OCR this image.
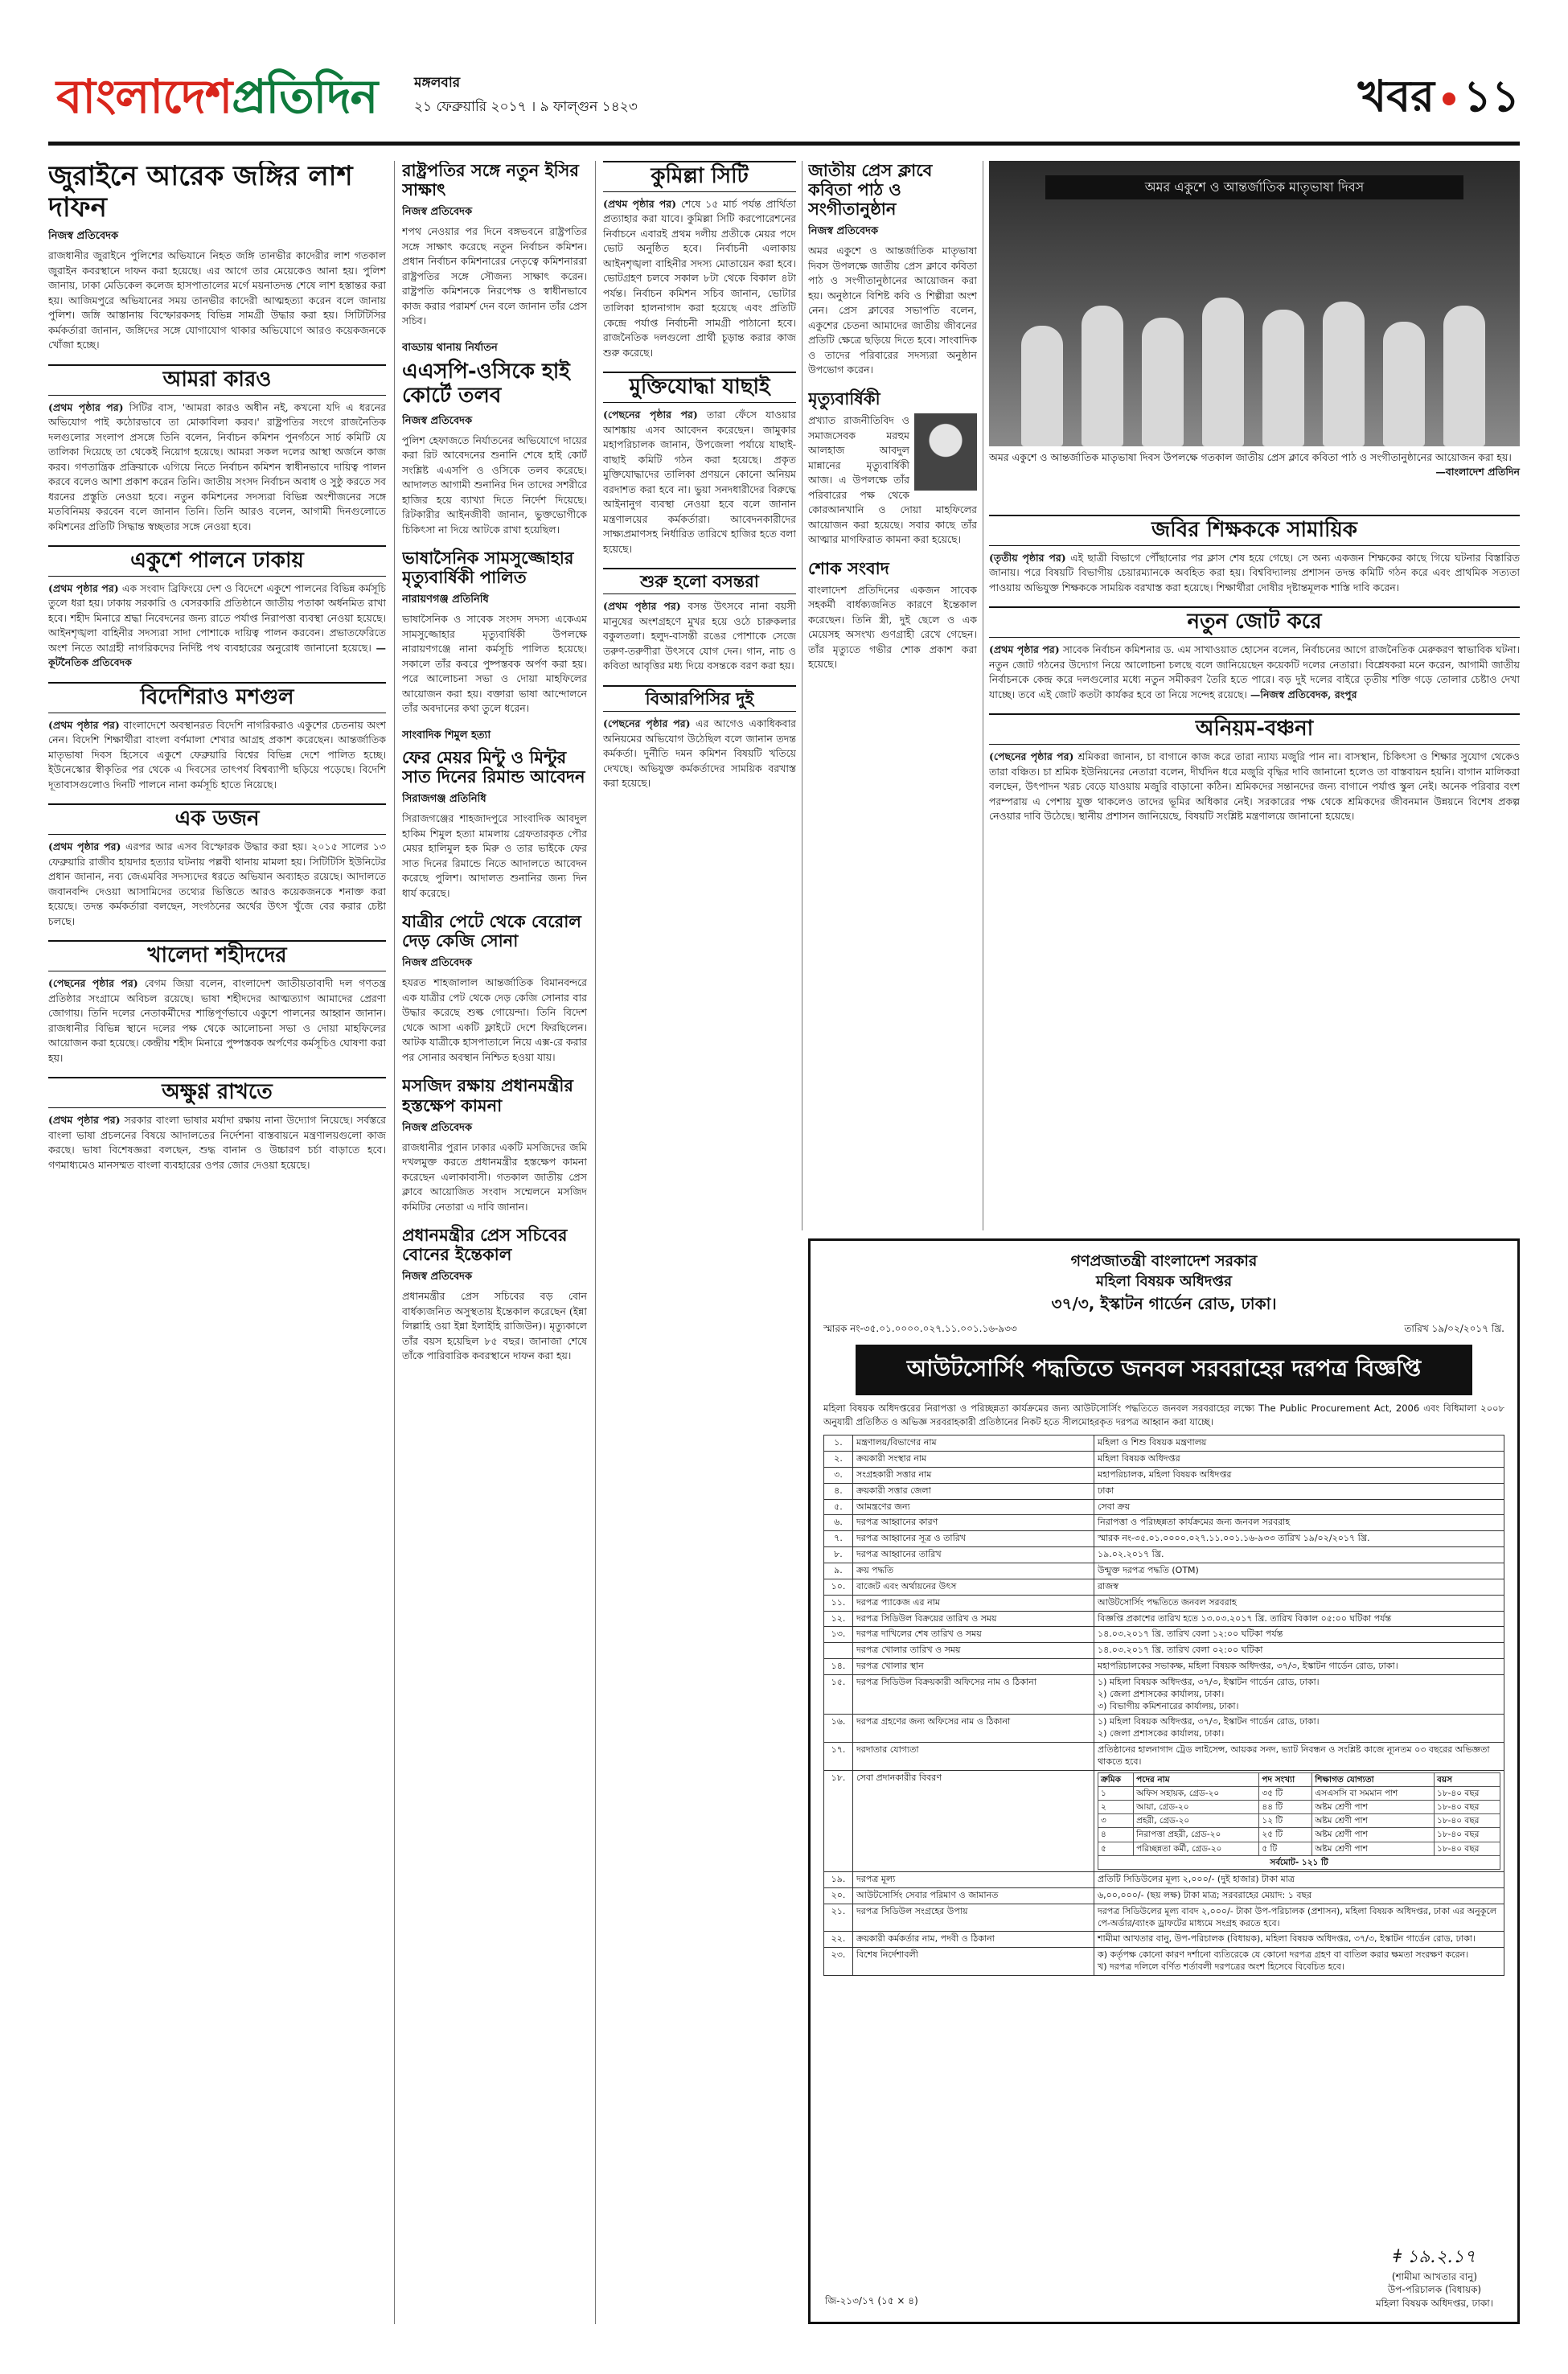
বাংলাদেশপ্রতিদিন	মঙ্গলবার
২১ ফেব্রুয়ারি ২০১৭ । ৯ ফাল্গুন ১৪২৩	খবর ১১
জুরাইনে আরেক জঙ্গির লাশ দাফন
নিজস্ব প্রতিবেদক

রাজধানীর জুরাইনে পুলিশের অভিযানে নিহত জঙ্গি তানভীর কাদেরীর লাশ গতকাল জুরাইন কবরস্থানে দাফন করা হয়েছে। এর আগে তার মেয়েকেও আনা হয়। পুলিশ জানায়, ঢাকা মেডিকেল কলেজ হাসপাতালের মর্গে ময়নাতদন্ত শেষে লাশ হস্তান্তর করা হয়। আজিমপুরে অভিযানের সময় তানভীর কাদেরী আত্মহত্যা করেন বলে জানায় পুলিশ। জঙ্গি আস্তানায় বিস্ফোরকসহ বিভিন্ন সামগ্রী উদ্ধার করা হয়। সিটিটিসির কর্মকর্তারা জানান, জঙ্গিদের সঙ্গে যোগাযোগ থাকার অভিযোগে আরও কয়েকজনকে খোঁজা হচ্ছে।

আমরা কারও

(প্রথম পৃষ্ঠার পর) সিটির বাস, 'আমরা কারও অধীন নই, কখনো যদি এ ধরনের অভিযোগ পাই কঠোরভাবে তা মোকাবিলা করব।' রাষ্ট্রপতির সংগে রাজনৈতিক দলগুলোর সংলাপ প্রসঙ্গে তিনি বলেন, নির্বাচন কমিশন পুনর্গঠনে সার্চ কমিটি যে তালিকা দিয়েছে তা থেকেই নিয়োগ হয়েছে। আমরা সকল দলের আস্থা অর্জনে কাজ করব। গণতান্ত্রিক প্রক্রিয়াকে এগিয়ে নিতে নির্বাচন কমিশন স্বাধীনভাবে দায়িত্ব পালন করবে বলেও আশা প্রকাশ করেন তিনি। জাতীয় সংসদ নির্বাচন অবাধ ও সুষ্ঠু করতে সব ধরনের প্রস্তুতি নেওয়া হবে। নতুন কমিশনের সদস্যরা বিভিন্ন অংশীজনের সঙ্গে মতবিনিময় করবেন বলে জানান তিনি। তিনি আরও বলেন, আগামী দিনগুলোতে কমিশনের প্রতিটি সিদ্ধান্ত স্বচ্ছতার সঙ্গে নেওয়া হবে।

একুশে পালনে ঢাকায়

(প্রথম পৃষ্ঠার পর) এক সংবাদ ব্রিফিংয়ে দেশ ও বিদেশে একুশে পালনের বিভিন্ন কর্মসূচি তুলে ধরা হয়। ঢাকায় সরকারি ও বেসরকারি প্রতিষ্ঠানে জাতীয় পতাকা অর্ধনমিত রাখা হবে। শহীদ মিনারে শ্রদ্ধা নিবেদনের জন্য রাতে পর্যাপ্ত নিরাপত্তা ব্যবস্থা নেওয়া হয়েছে। আইনশৃঙ্খলা বাহিনীর সদস্যরা সাদা পোশাকে দায়িত্ব পালন করবেন। প্রভাতফেরিতে অংশ নিতে আগ্রহী নাগরিকদের নির্দিষ্ট পথ ব্যবহারের অনুরোধ জানানো হয়েছে। —কূটনৈতিক প্রতিবেদক

বিদেশিরাও মশগুল

(প্রথম পৃষ্ঠার পর) বাংলাদেশে অবস্থানরত বিদেশি নাগরিকরাও একুশের চেতনায় অংশ নেন। বিদেশি শিক্ষার্থীরা বাংলা বর্ণমালা শেখার আগ্রহ প্রকাশ করেছেন। আন্তর্জাতিক মাতৃভাষা দিবস হিসেবে একুশে ফেব্রুয়ারি বিশ্বের বিভিন্ন দেশে পালিত হচ্ছে। ইউনেস্কোর স্বীকৃতির পর থেকে এ দিবসের তাৎপর্য বিশ্বব্যাপী ছড়িয়ে পড়েছে। বিদেশি দূতাবাসগুলোও দিনটি পালনে নানা কর্মসূচি হাতে নিয়েছে।

এক ডজন

(প্রথম পৃষ্ঠার পর) এরপর আর এসব বিস্ফোরক উদ্ধার করা হয়। ২০১৫ সালের ১৩ ফেব্রুয়ারি রাজীব হায়দার হত্যার ঘটনায় পল্লবী থানায় মামলা হয়। সিটিটিসি ইউনিটের প্রধান জানান, নব্য জেএমবির সদস্যদের ধরতে অভিযান অব্যাহত রয়েছে। আদালতে জবানবন্দি দেওয়া আসামিদের তথ্যের ভিত্তিতে আরও কয়েকজনকে শনাক্ত করা হয়েছে। তদন্ত কর্মকর্তারা বলছেন, সংগঠনের অর্থের উৎস খুঁজে বের করার চেষ্টা চলছে।

খালেদা শহীদদের

(পেছনের পৃষ্ঠার পর) বেগম জিয়া বলেন, বাংলাদেশ জাতীয়তাবাদী দল গণতন্ত্র প্রতিষ্ঠার সংগ্রামে অবিচল রয়েছে। ভাষা শহীদদের আত্মত্যাগ আমাদের প্রেরণা জোগায়। তিনি দলের নেতাকর্মীদের শান্তিপূর্ণভাবে একুশে পালনের আহ্বান জানান। রাজধানীর বিভিন্ন স্থানে দলের পক্ষ থেকে আলোচনা সভা ও দোয়া মাহফিলের আয়োজন করা হয়েছে। কেন্দ্রীয় শহীদ মিনারে পুষ্পস্তবক অর্পণের কর্মসূচিও ঘোষণা করা হয়।

অক্ষুণ্ণ রাখতে

(প্রথম পৃষ্ঠার পর) সরকার বাংলা ভাষার মর্যাদা রক্ষায় নানা উদ্যোগ নিয়েছে। সর্বস্তরে বাংলা ভাষা প্রচলনের বিষয়ে আদালতের নির্দেশনা বাস্তবায়নে মন্ত্রণালয়গুলো কাজ করছে। ভাষা বিশেষজ্ঞরা বলছেন, শুদ্ধ বানান ও উচ্চারণ চর্চা বাড়াতে হবে। গণমাধ্যমেও মানসম্মত বাংলা ব্যবহারের ওপর জোর দেওয়া হয়েছে।

রাষ্ট্রপতির সঙ্গে নতুন ইসির সাক্ষাৎ
নিজস্ব প্রতিবেদক

শপথ নেওয়ার পর দিনে বঙ্গভবনে রাষ্ট্রপতির সঙ্গে সাক্ষাৎ করেছে নতুন নির্বাচন কমিশন। প্রধান নির্বাচন কমিশনারের নেতৃত্বে কমিশনাররা রাষ্ট্রপতির সঙ্গে সৌজন্য সাক্ষাৎ করেন। রাষ্ট্রপতি কমিশনকে নিরপেক্ষ ও স্বাধীনভাবে কাজ করার পরামর্শ দেন বলে জানান তাঁর প্রেস সচিব।

বাড্ডায় থানায় নির্যাতন
এএসপি-ওসিকে হাই কোর্টে তলব
নিজস্ব প্রতিবেদক

পুলিশ হেফাজতে নির্যাতনের অভিযোগে দায়ের করা রিট আবেদনের শুনানি শেষে হাই কোর্ট সংশ্লিষ্ট এএসপি ও ওসিকে তলব করেছে। আদালত আগামী শুনানির দিন তাদের সশরীরে হাজির হয়ে ব্যাখ্যা দিতে নির্দেশ দিয়েছে। রিটকারীর আইনজীবী জানান, ভুক্তভোগীকে চিকিৎসা না দিয়ে আটকে রাখা হয়েছিল।

ভাষাসৈনিক সামসুজ্জোহার মৃত্যুবার্ষিকী পালিত
নারায়ণগঞ্জ প্রতিনিধি

ভাষাসৈনিক ও সাবেক সংসদ সদস্য একেএম সামসুজ্জোহার মৃত্যুবার্ষিকী উপলক্ষে নারায়ণগঞ্জে নানা কর্মসূচি পালিত হয়েছে। সকালে তাঁর কবরে পুষ্পস্তবক অর্পণ করা হয়। পরে আলোচনা সভা ও দোয়া মাহফিলের আয়োজন করা হয়। বক্তারা ভাষা আন্দোলনে তাঁর অবদানের কথা তুলে ধরেন।

সাংবাদিক শিমুল হত্যা
ফের মেয়র মিন্টু ও মিন্টুর সাত দিনের রিমান্ড আবেদন
সিরাজগঞ্জ প্রতিনিধি

সিরাজগঞ্জের শাহজাদপুরে সাংবাদিক আবদুল হাকিম শিমুল হত্যা মামলায় গ্রেফতারকৃত পৌর মেয়র হালিমুল হক মিরু ও তার ভাইকে ফের সাত দিনের রিমান্ডে নিতে আদালতে আবেদন করেছে পুলিশ। আদালত শুনানির জন্য দিন ধার্য করেছে।

যাত্রীর পেটে থেকে বেরোল দেড় কেজি সোনা
নিজস্ব প্রতিবেদক

হযরত শাহজালাল আন্তর্জাতিক বিমানবন্দরে এক যাত্রীর পেট থেকে দেড় কেজি সোনার বার উদ্ধার করেছে শুল্ক গোয়েন্দা। তিনি বিদেশ থেকে আসা একটি ফ্লাইটে দেশে ফিরছিলেন। আটক যাত্রীকে হাসপাতালে নিয়ে এক্স-রে করার পর সোনার অবস্থান নিশ্চিত হওয়া যায়।

মসজিদ রক্ষায় প্রধানমন্ত্রীর হস্তক্ষেপ কামনা
নিজস্ব প্রতিবেদক

রাজধানীর পুরান ঢাকার একটি মসজিদের জমি দখলমুক্ত করতে প্রধানমন্ত্রীর হস্তক্ষেপ কামনা করেছেন এলাকাবাসী। গতকাল জাতীয় প্রেস ক্লাবে আয়োজিত সংবাদ সম্মেলনে মসজিদ কমিটির নেতারা এ দাবি জানান।

প্রধানমন্ত্রীর প্রেস সচিবের বোনের ইন্তেকাল
নিজস্ব প্রতিবেদক

প্রধানমন্ত্রীর প্রেস সচিবের বড় বোন বার্ধক্যজনিত অসুস্থতায় ইন্তেকাল করেছেন (ইন্না লিল্লাহি ওয়া ইন্না ইলাইহি রাজিউন)। মৃত্যুকালে তাঁর বয়স হয়েছিল ৮৫ বছর। জানাজা শেষে তাঁকে পারিবারিক কবরস্থানে দাফন করা হয়।

কুমিল্লা সিটি

(প্রথম পৃষ্ঠার পর) শেষে ১৫ মার্চ পর্যন্ত প্রার্থিতা প্রত্যাহার করা যাবে। কুমিল্লা সিটি করপোরেশনের নির্বাচনে এবারই প্রথম দলীয় প্রতীকে মেয়র পদে ভোট অনুষ্ঠিত হবে। নির্বাচনী এলাকায় আইনশৃঙ্খলা বাহিনীর সদস্য মোতায়েন করা হবে। ভোটগ্রহণ চলবে সকাল ৮টা থেকে বিকাল ৪টা পর্যন্ত। নির্বাচন কমিশন সচিব জানান, ভোটার তালিকা হালনাগাদ করা হয়েছে এবং প্রতিটি কেন্দ্রে পর্যাপ্ত নির্বাচনী সামগ্রী পাঠানো হবে। রাজনৈতিক দলগুলো প্রার্থী চূড়ান্ত করার কাজ শুরু করেছে।

মুক্তিযোদ্ধা যাছাই

(পেছনের পৃষ্ঠার পর) তারা ফেঁসে যাওয়ার আশঙ্কায় এসব আবেদন করেছেন। জামুকার মহাপরিচালক জানান, উপজেলা পর্যায়ে যাছাই-বাছাই কমিটি গঠন করা হয়েছে। প্রকৃত মুক্তিযোদ্ধাদের তালিকা প্রণয়নে কোনো অনিয়ম বরদাশত করা হবে না। ভুয়া সনদধারীদের বিরুদ্ধে আইনানুগ ব্যবস্থা নেওয়া হবে বলে জানান মন্ত্রণালয়ের কর্মকর্তারা। আবেদনকারীদের সাক্ষ্যপ্রমাণসহ নির্ধারিত তারিখে হাজির হতে বলা হয়েছে।

শুরু হলো বসন্তরা

(প্রথম পৃষ্ঠার পর) বসন্ত উৎসবে নানা বয়সী মানুষের অংশগ্রহণে মুখর হয়ে ওঠে চারুকলার বকুলতলা। হলুদ-বাসন্তী রঙের পোশাকে সেজে তরুণ-তরুণীরা উৎসবে যোগ দেন। গান, নাচ ও কবিতা আবৃত্তির মধ্য দিয়ে বসন্তকে বরণ করা হয়।

বিআরপিসির দুই

(পেছনের পৃষ্ঠার পর) এর আগেও একাধিকবার অনিয়মের অভিযোগ উঠেছিল বলে জানান তদন্ত কর্মকর্তা। দুর্নীতি দমন কমিশন বিষয়টি খতিয়ে দেখছে। অভিযুক্ত কর্মকর্তাদের সাময়িক বরখাস্ত করা হয়েছে।

জাতীয় প্রেস ক্লাবে কবিতা পাঠ ও সংগীতানুষ্ঠান
নিজস্ব প্রতিবেদক

অমর একুশে ও আন্তর্জাতিক মাতৃভাষা দিবস উপলক্ষে জাতীয় প্রেস ক্লাবে কবিতা পাঠ ও সংগীতানুষ্ঠানের আয়োজন করা হয়। অনুষ্ঠানে বিশিষ্ট কবি ও শিল্পীরা অংশ নেন। প্রেস ক্লাবের সভাপতি বলেন, একুশের চেতনা আমাদের জাতীয় জীবনের প্রতিটি ক্ষেত্রে ছড়িয়ে দিতে হবে। সাংবাদিক ও তাদের পরিবারের সদস্যরা অনুষ্ঠান উপভোগ করেন।

মৃত্যুবার্ষিকী

প্রখ্যাত রাজনীতিবিদ ও সমাজসেবক মরহুম আলহাজ আবদুল মান্নানের মৃত্যুবার্ষিকী আজ। এ উপলক্ষে তাঁর পরিবারের পক্ষ থেকে কোরআনখানি ও দোয়া মাহফিলের আয়োজন করা হয়েছে। সবার কাছে তাঁর আত্মার মাগফিরাত কামনা করা হয়েছে।

শোক সংবাদ

বাংলাদেশ প্রতিদিনের একজন সাবেক সহকর্মী বার্ধক্যজনিত কারণে ইন্তেকাল করেছেন। তিনি স্ত্রী, দুই ছেলে ও এক মেয়েসহ অসংখ্য গুণগ্রাহী রেখে গেছেন। তাঁর মৃত্যুতে গভীর শোক প্রকাশ করা হয়েছে।

অমর একুশে ও আন্তর্জাতিক মাতৃভাষা দিবস
অমর একুশে ও আন্তর্জাতিক মাতৃভাষা দিবস উপলক্ষে গতকাল জাতীয় প্রেস ক্লাবে কবিতা পাঠ ও সংগীতানুষ্ঠানের আয়োজন করা হয়।
—বাংলাদেশ প্রতিদিন
জবির শিক্ষককে সামায়িক

(তৃতীয় পৃষ্ঠার পর) এই ছাত্রী বিভাগে পৌঁছানোর পর ক্লাস শেষ হয়ে গেছে। সে অন্য একজন শিক্ষকের কাছে গিয়ে ঘটনার বিস্তারিত জানায়। পরে বিষয়টি বিভাগীয় চেয়ারম্যানকে অবহিত করা হয়। বিশ্ববিদ্যালয় প্রশাসন তদন্ত কমিটি গঠন করে এবং প্রাথমিক সত্যতা পাওয়ায় অভিযুক্ত শিক্ষককে সাময়িক বরখাস্ত করা হয়েছে। শিক্ষার্থীরা দোষীর দৃষ্টান্তমূলক শাস্তি দাবি করেন।

নতুন জোট করে

(প্রথম পৃষ্ঠার পর) সাবেক নির্বাচন কমিশনার ড. এম সাখাওয়াত হোসেন বলেন, নির্বাচনের আগে রাজনৈতিক মেরুকরণ স্বাভাবিক ঘটনা। নতুন জোট গঠনের উদ্যোগ নিয়ে আলোচনা চলছে বলে জানিয়েছেন কয়েকটি দলের নেতারা। বিশ্লেষকরা মনে করেন, আগামী জাতীয় নির্বাচনকে কেন্দ্র করে দলগুলোর মধ্যে নতুন সমীকরণ তৈরি হতে পারে। বড় দুই দলের বাইরে তৃতীয় শক্তি গড়ে তোলার চেষ্টাও দেখা যাচ্ছে। তবে এই জোট কতটা কার্যকর হবে তা নিয়ে সন্দেহ রয়েছে। —নিজস্ব প্রতিবেদক, রংপুর

অনিয়ম-বঞ্চনা

(পেছনের পৃষ্ঠার পর) শ্রমিকরা জানান, চা বাগানে কাজ করে তারা ন্যায্য মজুরি পান না। বাসস্থান, চিকিৎসা ও শিক্ষার সুযোগ থেকেও তারা বঞ্চিত। চা শ্রমিক ইউনিয়নের নেতারা বলেন, দীর্ঘদিন ধরে মজুরি বৃদ্ধির দাবি জানানো হলেও তা বাস্তবায়ন হয়নি। বাগান মালিকরা বলছেন, উৎপাদন খরচ বেড়ে যাওয়ায় মজুরি বাড়ানো কঠিন। শ্রমিকদের সন্তানদের জন্য বাগানে পর্যাপ্ত স্কুল নেই। অনেক পরিবার বংশ পরম্পরায় এ পেশায় যুক্ত থাকলেও তাদের ভূমির অধিকার নেই। সরকারের পক্ষ থেকে শ্রমিকদের জীবনমান উন্নয়নে বিশেষ প্রকল্প নেওয়ার দাবি উঠেছে। স্থানীয় প্রশাসন জানিয়েছে, বিষয়টি সংশ্লিষ্ট মন্ত্রণালয়ে জানানো হয়েছে।

গণপ্রজাতন্ত্রী বাংলাদেশ সরকার
মহিলা বিষয়ক অধিদপ্তর
৩৭/৩, ইস্কাটন গার্ডেন রোড, ঢাকা।
স্মারক নং-৩৫.০১.০০০০.০২৭.১১.০০১.১৬-৯৩৩	তারিখ ১৯/০২/২০১৭ খ্রি.
আউটসোর্সিং পদ্ধতিতে জনবল সরবরাহের দরপত্র বিজ্ঞপ্তি

মহিলা বিষয়ক অধিদপ্তরের নিরাপত্তা ও পরিচ্ছন্নতা কার্যক্রমের জন্য আউটসোর্সিং পদ্ধতিতে জনবল সরবরাহের লক্ষ্যে The Public Procurement Act, 2006 এবং বিধিমালা ২০০৮ অনুযায়ী প্রতিষ্ঠিত ও অভিজ্ঞ সরবরাহকারী প্রতিষ্ঠানের নিকট হতে সীলমোহরকৃত দরপত্র আহ্বান করা যাচ্ছে।

১.	মন্ত্রণালয়/বিভাগের নাম	মহিলা ও শিশু বিষয়ক মন্ত্রণালয়
২.	ক্রয়কারী সংস্থার নাম	মহিলা বিষয়ক অধিদপ্তর
৩.	সংগ্রহকারী সত্তার নাম	মহাপরিচালক, মহিলা বিষয়ক অধিদপ্তর
৪.	ক্রয়কারী সত্তার জেলা	ঢাকা
৫.	আমন্ত্রণের জন্য	সেবা ক্রয়
৬.	দরপত্র আহ্বানের কারণ	নিরাপত্তা ও পরিচ্ছন্নতা কার্যক্রমের জন্য জনবল সরবরাহ
৭.	দরপত্র আহ্বানের সূত্র ও তারিখ	স্মারক নং-৩৫.০১.০০০০.০২৭.১১.০০১.১৬-৯৩৩ তারিখ ১৯/০২/২০১৭ খ্রি.
৮.	দরপত্র আহ্বানের তারিখ	১৯.০২.২০১৭ খ্রি.
৯.	ক্রয় পদ্ধতি	উন্মুক্ত দরপত্র পদ্ধতি (OTM)
১০.	বাজেট এবং অর্থায়নের উৎস	রাজস্ব
১১.	দরপত্র প্যাকেজ এর নাম	আউটসোর্সিং পদ্ধতিতে জনবল সরবরাহ
১২.	দরপত্র সিডিউল বিক্রয়ের তারিখ ও সময়	বিজ্ঞপ্তি প্রকাশের তারিখ হতে ১৩.০৩.২০১৭ খ্রি. তারিখ বিকাল ০৫:০০ ঘটিকা পর্যন্ত
১৩.	দরপত্র দাখিলের শেষ তারিখ ও সময়	১৪.০৩.২০১৭ খ্রি. তারিখ বেলা ১২:০০ ঘটিকা পর্যন্ত
	দরপত্র খোলার তারিখ ও সময়	১৪.০৩.২০১৭ খ্রি. তারিখ বেলা ০২:০০ ঘটিকা
১৪.	দরপত্র খোলার স্থান	মহাপরিচালকের সভাকক্ষ, মহিলা বিষয়ক অধিদপ্তর, ৩৭/৩, ইস্কাটন গার্ডেন রোড, ঢাকা।
১৫.	দরপত্র সিডিউল বিক্রয়কারী অফিসের নাম ও ঠিকানা	১) মহিলা বিষয়ক অধিদপ্তর, ৩৭/৩, ইস্কাটন গার্ডেন রোড, ঢাকা।
২) জেলা প্রশাসকের কার্যালয়, ঢাকা।
৩) বিভাগীয় কমিশনারের কার্যালয়, ঢাকা।
১৬.	দরপত্র গ্রহণের জন্য অফিসের নাম ও ঠিকানা	১) মহিলা বিষয়ক অধিদপ্তর, ৩৭/৩, ইস্কাটন গার্ডেন রোড, ঢাকা।
২) জেলা প্রশাসকের কার্যালয়, ঢাকা।
১৭.	দরদাতার যোগ্যতা	প্রতিষ্ঠানের হালনাগাদ ট্রেড লাইসেন্স, আয়কর সনদ, ভ্যাট নিবন্ধন ও সংশ্লিষ্ট কাজে ন্যূনতম ০৩ বছরের অভিজ্ঞতা থাকতে হবে।
১৮.	সেবা প্রদানকারীর বিবরণ		ক্রমিক	পদের নাম	পদ সংখ্যা	শিক্ষাগত যোগ্যতা	বয়স
১	অফিস সহায়ক, গ্রেড-২০	৩৫ টি	এসএসসি বা সমমান পাশ	১৮-৪০ বছর
২	আয়া, গ্রেড-২০	৪৪ টি	অষ্টম শ্রেণী পাশ	১৮-৪০ বছর
৩	প্রহরী, গ্রেড-২০	১২ টি	অষ্টম শ্রেণী পাশ	১৮-৪০ বছর
৪	নিরাপত্তা প্রহরী, গ্রেড-২০	২৫ টি	অষ্টম শ্রেণী পাশ	১৮-৪০ বছর
৫	পরিচ্ছন্নতা কর্মী, গ্রেড-২০	৫ টি	অষ্টম শ্রেণী পাশ	১৮-৪০ বছর
সর্বমোট- ১২১ টি

১৯.	দরপত্র মূল্য	প্রতিটি সিডিউলের মূল্য ২,০০০/- (দুই হাজার) টাকা মাত্র
২০.	আউটসোর্সিং সেবার পরিমাণ ও জামানত	৬,০০,০০০/- (ছয় লক্ষ) টাকা মাত্র; সরবরাহের মেয়াদ: ১ বছর
২১.	দরপত্র সিডিউল সংগ্রহের উপায়	দরপত্র সিডিউলের মূল্য বাবদ ২,০০০/- টাকা উপ-পরিচালক (প্রশাসন), মহিলা বিষয়ক অধিদপ্তর, ঢাকা এর অনুকূলে পে-অর্ডার/ব্যাংক ড্রাফটের মাধ্যমে সংগ্রহ করতে হবে।
২২.	ক্রয়কারী কর্মকর্তার নাম, পদবী ও ঠিকানা	শামীমা আখতার বানু, উপ-পরিচালক (বিধায়ক), মহিলা বিষয়ক অধিদপ্তর, ৩৭/৩, ইস্কাটন গার্ডেন রোড, ঢাকা।
২৩.	বিশেষ নির্দেশাবলী	ক) কর্তৃপক্ষ কোনো কারণ দর্শানো ব্যতিরেকে যে কোনো দরপত্র গ্রহণ বা বাতিল করার ক্ষমতা সংরক্ষণ করেন।
খ) দরপত্র দলিলে বর্ণিত শর্তাবলী দরপত্রের অংশ হিসেবে বিবেচিত হবে।
জি-২১৩/১৭ (১৫ × ৪)
ǂ ১৯.২.১৭
(শামীমা আখতার বানু)
উপ-পরিচালক (বিধায়ক)
মহিলা বিষয়ক অধিদপ্তর, ঢাকা।
